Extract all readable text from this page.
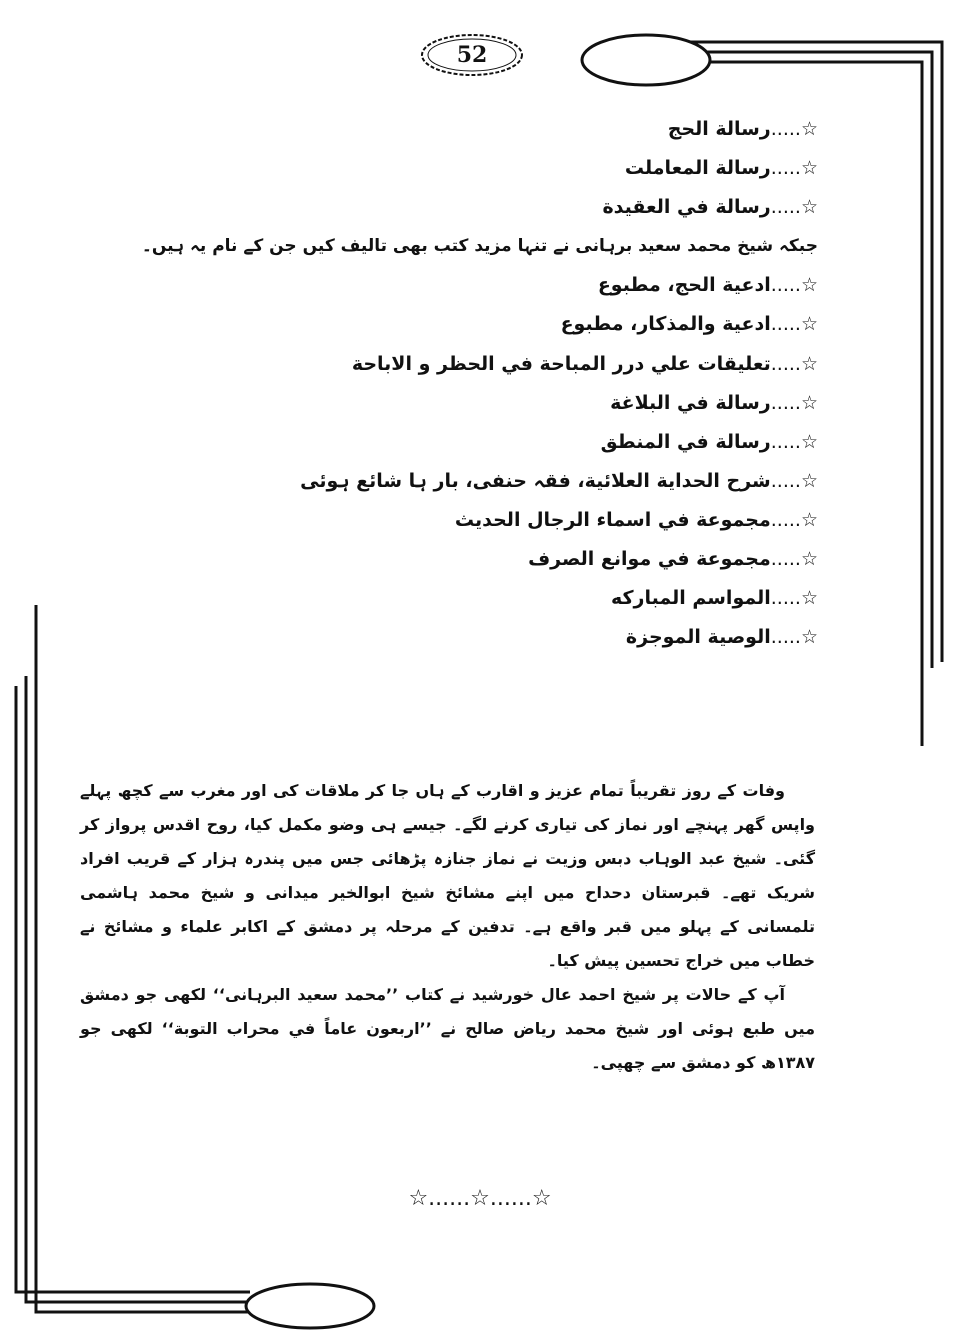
52
☆.....رسالة الحج
☆.....رسالة المعاملت
☆.....رسالة في العقيدة
جبکہ شیخ محمد سعید برہانی نے تنہا مزید کتب بھی تالیف کیں جن کے نام یہ ہیں۔
☆.....ادعية الحج، مطبوع
☆.....ادعية والمذكار، مطبوع
☆.....تعليقات علي درر المباحة في الحظر و الاباحة
☆.....رسالة في البلاغة
☆.....رسالة في المنطق
☆.....شرح الحداية العلائية، فقہ حنفی، بار ہا شائع ہوئی
☆.....مجموعة في اسماء الرجال الحديث
☆.....مجموعة في موانع الصرف
☆.....المواسم المباركه
☆.....الوصية الموجزة

وفات کے روز تقریباً تمام عزیز و اقارب کے ہاں جا کر ملاقات کی اور مغرب سے کچھ پہلے واپس گھر پہنچے اور نماز کی تیاری کرنے لگے۔ جیسے ہی وضو مکمل کیا، روح اقدس پرواز کر گئی۔ شیخ عبد الوہاب دبس وزیت نے نماز جنازہ پڑھائی جس میں پندرہ ہزار کے قریب افراد شریک تھے۔ قبرستان دحداح میں اپنے مشائخ شیخ ابوالخیر میدانی و شیخ محمد ہاشمی تلمسانی کے پہلو میں قبر واقع ہے۔ تدفین کے مرحلہ پر دمشق کے اکابر علماء و مشائخ نے خطاب میں خراج تحسین پیش کیا۔

آپ کے حالات پر شیخ احمد عال خورشید نے کتاب ’’محمد سعید البرہانی‘‘ لکھی جو دمشق میں طبع ہوئی اور شیخ محمد ریاض صالح نے ’’اربعون عاماً في محراب التوبة‘‘ لکھی جو ۱۳۸۷ھ کو دمشق سے چھپی۔

☆......☆......☆
